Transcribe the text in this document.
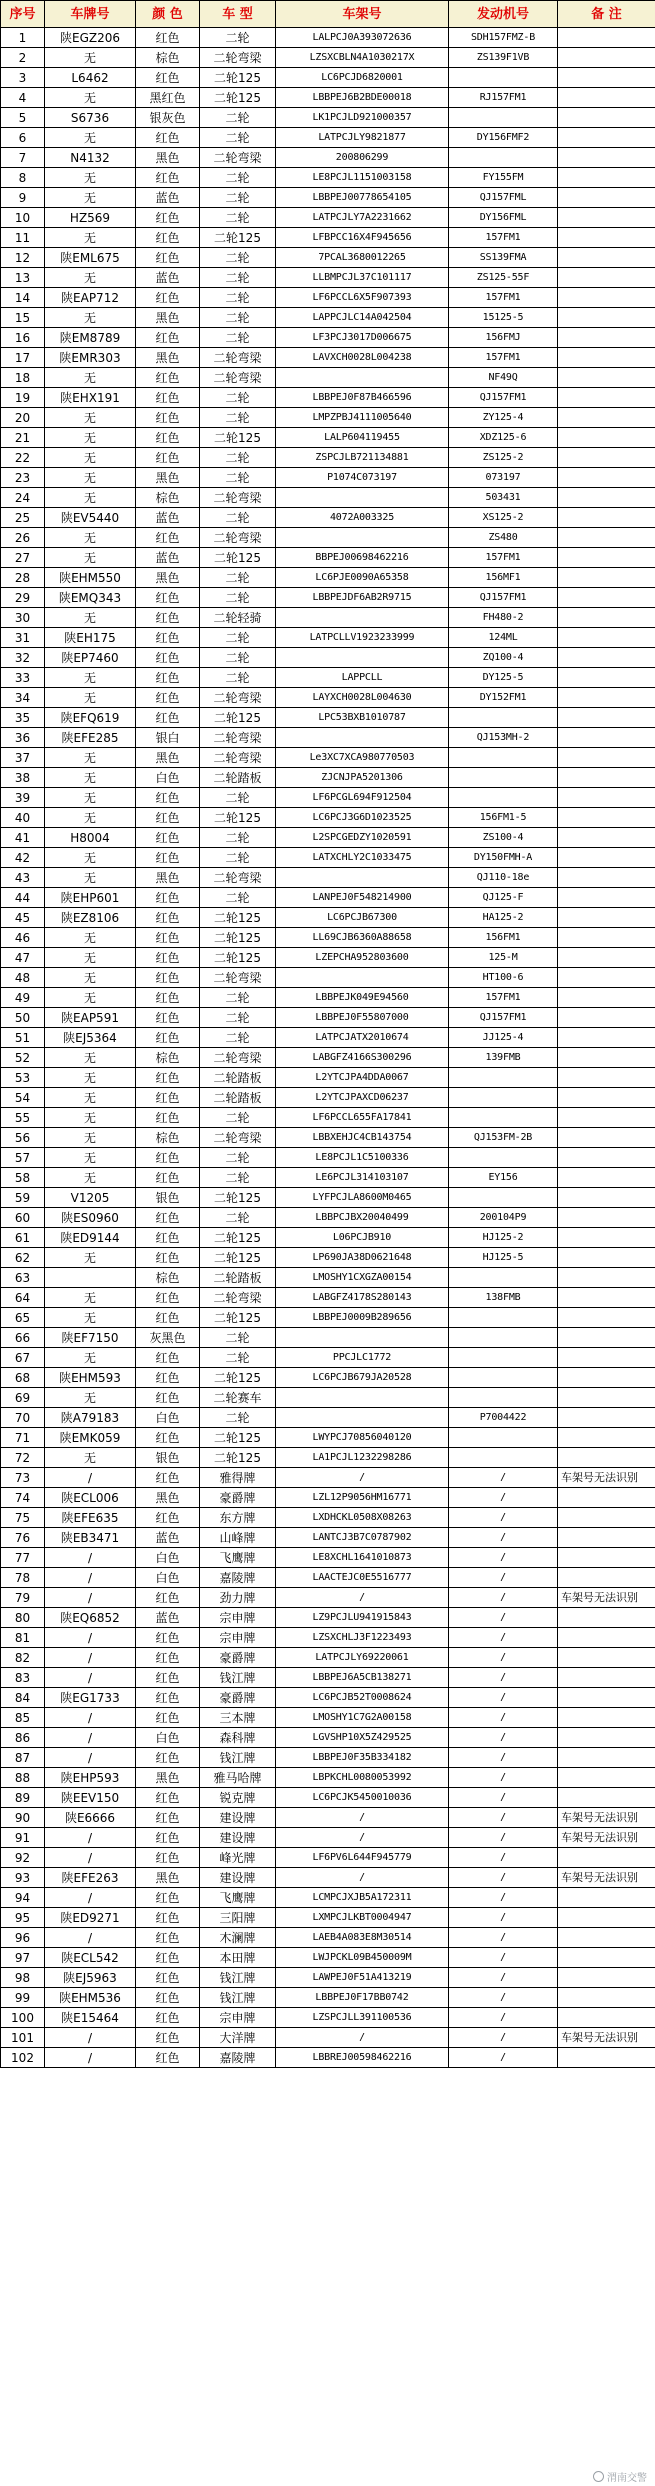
序号	车牌号	颜 色	车 型	车架号	发动机号	备 注
1	陕EGZ206	红色	二轮	LALPCJ0A393072636	SDH157FMZ-B	
2	无	棕色	二轮弯梁	LZSXCBLN4A1030217X	ZS139F1VB	
3	L6462	红色	二轮125	LC6PCJD6820001		
4	无	黑红色	二轮125	LBBPEJ6B2BDE00018	RJ157FM1	
5	S6736	银灰色	二轮	LK1PCJLD921000357		
6	无	红色	二轮	LATPCJLY9821877	DY156FMF2	
7	N4132	黑色	二轮弯梁	200806299		
8	无	红色	二轮	LE8PCJL1151003158	FY155FM	
9	无	蓝色	二轮	LBBPEJ00778654105	QJ157FML	
10	HZ569	红色	二轮	LATPCJLY7A2231662	DY156FML	
11	无	红色	二轮125	LFBPCC16X4F945656	157FM1	
12	陕EML675	红色	二轮	7PCAL3680012265	SS139FMA	
13	无	蓝色	二轮	LLBMPCJL37C101117	ZS125-55F	
14	陕EAP712	红色	二轮	LF6PCCL6X5F907393	157FM1	
15	无	黑色	二轮	LAPPCJLC14A042504	15125-5	
16	陕EM8789	红色	二轮	LF3PCJ3017D006675	156FMJ	
17	陕EMR303	黑色	二轮弯梁	LAVXCH0028L004238	157FM1	
18	无	红色	二轮弯梁		NF49Q	
19	陕EHX191	红色	二轮	LBBPEJ0F87B466596	QJ157FM1	
20	无	红色	二轮	LMPZPBJ4111005640	ZY125-4	
21	无	红色	二轮125	LALP604119455	XDZ125-6	
22	无	红色	二轮	ZSPCJLB721134881	ZS125-2	
23	无	黑色	二轮	P1074C073197	073197	
24	无	棕色	二轮弯梁		503431	
25	陕EV5440	蓝色	二轮	4072A003325	XS125-2	
26	无	红色	二轮弯梁		ZS480	
27	无	蓝色	二轮125	BBPEJ00698462216	157FM1	
28	陕EHM550	黑色	二轮	LC6PJE0090A65358	156MF1	
29	陕EMQ343	红色	二轮	LBBPEJDF6AB2R9715	QJ157FM1	
30	无	红色	二轮轻骑		FH480-2	
31	陕EH175	红色	二轮	LATPCLLV1923233999	124ML	
32	陕EP7460	红色	二轮		ZQ100-4	
33	无	红色	二轮	LAPPCLL	DY125-5	
34	无	红色	二轮弯梁	LAYXCH0028L004630	DY152FM1	
35	陕EFQ619	红色	二轮125	LPC53BXB1010787		
36	陕EFE285	银白	二轮弯梁		QJ153MH-2	
37	无	黑色	二轮弯梁	Le3XC7XCA980770503		
38	无	白色	二轮踏板	ZJCNJPA5201306		
39	无	红色	二轮	LF6PCGL694F912504		
40	无	红色	二轮125	LC6PCJ3G6D1023525	156FM1-5	
41	H8004	红色	二轮	L2SPCGEDZY1020591	ZS100-4	
42	无	红色	二轮	LATXCHLY2C1033475	DY150FMH-A	
43	无	黑色	二轮弯梁		QJ110-18e	
44	陕EHP601	红色	二轮	LANPEJ0F548214900	QJ125-F	
45	陕EZ8106	红色	二轮125	LC6PCJB67300	HA125-2	
46	无	红色	二轮125	LL69CJB6360A88658	156FM1	
47	无	红色	二轮125	LZEPCHA952803600	125-M	
48	无	红色	二轮弯梁		HT100-6	
49	无	红色	二轮	LBBPEJK049E94560	157FM1	
50	陕EAP591	红色	二轮	LBBPEJ0F55807000	QJ157FM1	
51	陕EJ5364	红色	二轮	LATPCJATX2010674	JJ125-4	
52	无	棕色	二轮弯梁	LABGFZ4166S300296	139FMB	
53	无	红色	二轮踏板	L2YTCJPA4DDA0067		
54	无	红色	二轮踏板	L2YTCJPAXCD06237		
55	无	红色	二轮	LF6PCCL655FA17841		
56	无	棕色	二轮弯梁	LBBXEHJC4CB143754	QJ153FM-2B	
57	无	红色	二轮	LE8PCJL1C5100336		
58	无	红色	二轮	LE6PCJL314103107	EY156	
59	V1205	银色	二轮125	LYFPCJLA8600M0465		
60	陕ES0960	红色	二轮	LBBPCJBX20040499	200104P9	
61	陕ED9144	红色	二轮125	L06PCJB910	HJ125-2	
62	无	红色	二轮125	LP690JA38D0621648	HJ125-5	
63		棕色	二轮踏板	LMOSHY1CXGZA00154		
64	无	红色	二轮弯梁	LABGFZ4178S280143	138FMB	
65	无	红色	二轮125	LBBPEJ0009B289656		
66	陕EF7150	灰黑色	二轮			
67	无	红色	二轮	PPCJLC1772		
68	陕EHM593	红色	二轮125	LC6PCJB679JA20528		
69	无	红色	二轮赛车			
70	陕A79183	白色	二轮		P7004422	
71	陕EMK059	红色	二轮125	LWYPCJ70856040120		
72	无	银色	二轮125	LA1PCJL1232298286		
73	/	红色	雅得牌	/	/	车架号无法识别
74	陕ECL006	黑色	豪爵牌	LZL12P9056HM16771	/	
75	陕EFE635	红色	东方牌	LXDHCKL0508X08263	/	
76	陕EB3471	蓝色	山峰牌	LANTCJ3B7C0787902	/	
77	/	白色	飞鹰牌	LE8XCHL1641010873	/	
78	/	白色	嘉陵牌	LAACTEJC0E5516777	/	
79	/	红色	劲力牌	/	/	车架号无法识别
80	陕EQ6852	蓝色	宗申牌	LZ9PCJLU941915843	/	
81	/	红色	宗申牌	LZSXCHLJ3F1223493	/	
82	/	红色	豪爵牌	LATPCJLY69220061	/	
83	/	红色	钱江牌	LBBPEJ6A5CB138271	/	
84	陕EG1733	红色	豪爵牌	LC6PCJB52T0008624	/	
85	/	红色	三本牌	LMOSHY1C7G2A00158	/	
86	/	白色	森科牌	LGVSHP10X5Z429525	/	
87	/	红色	钱江牌	LBBPEJ0F35B334182	/	
88	陕EHP593	黑色	雅马哈牌	LBPKCHL0080053992	/	
89	陕EEV150	红色	锐克牌	LC6PCJK5450010036	/	
90	陕E6666	红色	建设牌	/	/	车架号无法识别
91	/	红色	建设牌	/	/	车架号无法识别
92	/	红色	峰光牌	LF6PV6L644F945779	/	
93	陕EFE263	黑色	建设牌	/	/	车架号无法识别
94	/	红色	飞鹰牌	LCMPCJXJB5A172311	/	
95	陕ED9271	红色	三阳牌	LXMPCJLKBT0004947	/	
96	/	红色	木澜牌	LAEB4A083E8M30514	/	
97	陕ECL542	红色	本田牌	LWJPCKL09B450009M	/	
98	陕EJ5963	红色	钱江牌	LAWPEJ0F51A413219	/	
99	陕EHM536	红色	钱江牌	LBBPEJ0F17BB0742	/	
100	陕E15464	红色	宗申牌	LZSPCJLL391100536	/	
101	/	红色	大洋牌	/	/	车架号无法识别
102	/	红色	嘉陵牌	LBBREJ00598462216	/	
渭南交警
